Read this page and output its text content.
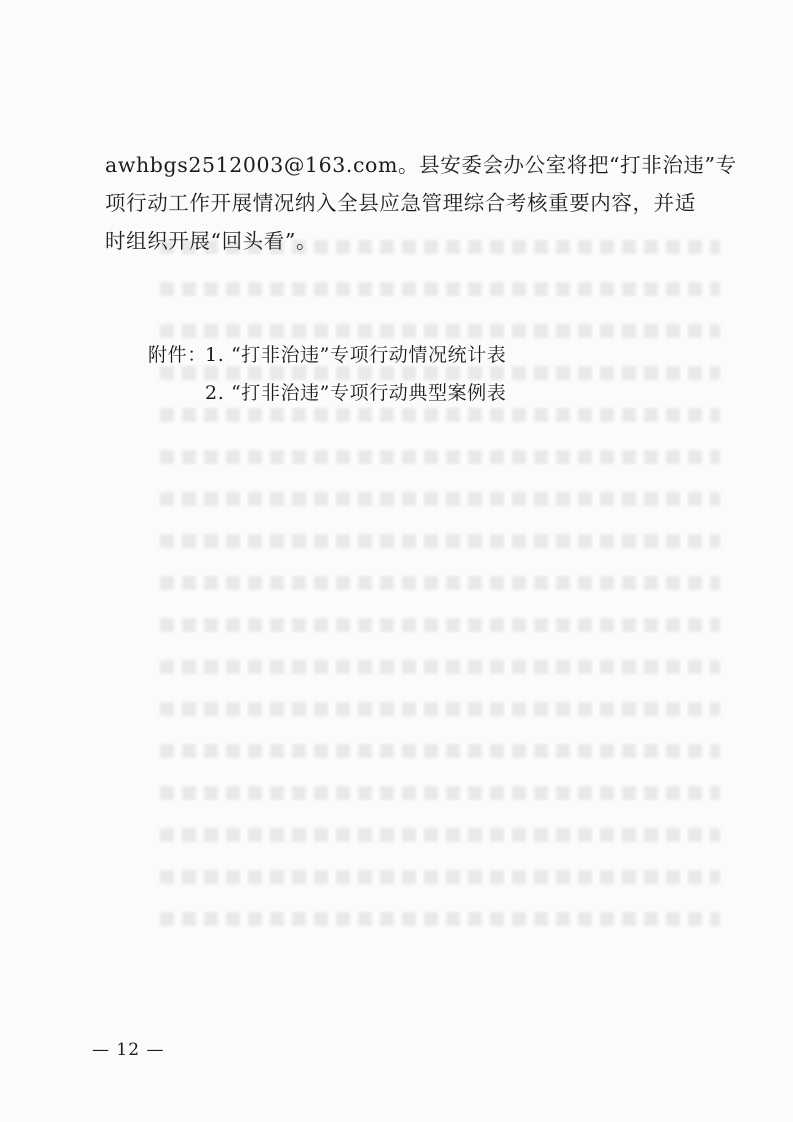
awhbgs2512003@163.com。县安委会办公室将把“打非治违”专
项行动工作开展情况纳入全县应急管理综合考核重要内容，并适
时组织开展“回头看”。
附件：
1. “打非治违”专项行动情况统计表
2. “打非治违”专项行动典型案例表
— 12 —
